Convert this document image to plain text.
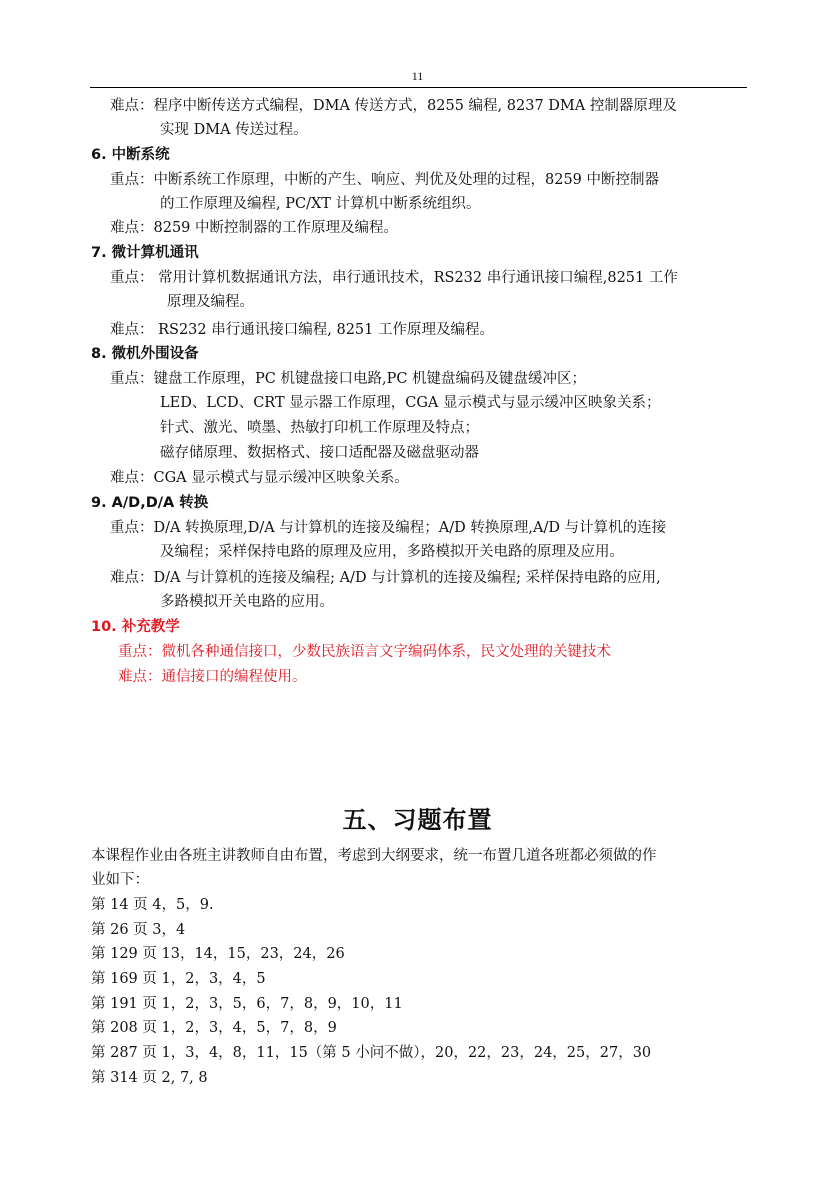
11
难点：程序中断传送方式编程，DMA 传送方式，8255 编程, 8237 DMA 控制器原理及
实现 DMA 传送过程。
6. 中断系统
重点：中断系统工作原理，中断的产生、响应、判优及处理的过程，8259 中断控制器
的工作原理及编程, PC/XT 计算机中断系统组织。
难点：8259 中断控制器的工作原理及编程。
7. 微计算机通讯
重点： 常用计算机数据通讯方法，串行通讯技术，RS232 串行通讯接口编程,8251 工作
原理及编程。
难点： RS232 串行通讯接口编程, 8251 工作原理及编程。
8. 微机外围设备
重点：键盘工作原理，PC 机键盘接口电路,PC 机键盘编码及键盘缓冲区；
LED、LCD、CRT 显示器工作原理，CGA 显示模式与显示缓冲区映象关系；
针式、激光、喷墨、热敏打印机工作原理及特点；
磁存储原理、数据格式、接口适配器及磁盘驱动器
难点：CGA 显示模式与显示缓冲区映象关系。
9. A/D,D/A 转换
重点：D/A 转换原理,D/A 与计算机的连接及编程；A/D 转换原理,A/D 与计算机的连接
及编程；采样保持电路的原理及应用，多路模拟开关电路的原理及应用。
难点：D/A 与计算机的连接及编程; A/D 与计算机的连接及编程; 采样保持电路的应用,
多路模拟开关电路的应用。
10. 补充教学
重点：微机各种通信接口，少数民族语言文字编码体系，民文处理的关键技术
难点：通信接口的编程使用。
五、习题布置
本课程作业由各班主讲教师自由布置，考虑到大纲要求，统一布置几道各班都必须做的作
业如下：
第 14 页 4，5，9.
第 26 页 3，4
第 129 页 13，14，15，23，24，26
第 169 页 1，2，3，4，5
第 191 页 1，2，3，5，6，7，8，9，10，11
第 208 页 1，2，3，4，5，7，8，9
第 287 页 1，3，4，8，11，15（第 5 小问不做），20，22，23，24，25，27，30
第 314 页 2, 7, 8
